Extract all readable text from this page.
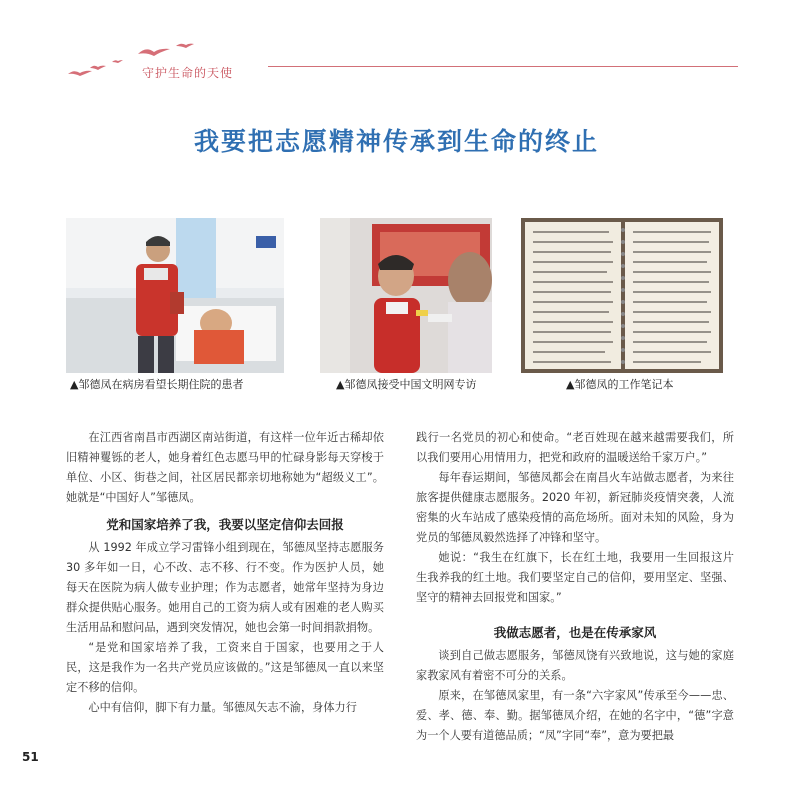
守护生命的天使
我要把志愿精神传承到生命的终止
▲邹德凤在病房看望长期住院的患者	▲邹德凤接受中国文明网专访	▲邹德凤的工作笔记本

在江西省南昌市西湖区南站街道，有这样一位年近古稀却依旧精神矍铄的老人，她身着红色志愿马甲的忙碌身影每天穿梭于单位、小区、街巷之间，社区居民都亲切地称她为“超级义工”。她就是“中国好人”邹德凤。

党和国家培养了我，我要以坚定信仰去回报

从 1992 年成立学习雷锋小组到现在，邹德凤坚持志愿服务 30 多年如一日，心不改、志不移、行不变。作为医护人员，她每天在医院为病人做专业护理；作为志愿者，她常年坚持为身边群众提供贴心服务。她用自己的工资为病人或有困难的老人购买生活用品和慰问品，遇到突发情况，她也会第一时间捐款捐物。

“是党和国家培养了我，工资来自于国家，也要用之于人民，这是我作为一名共产党员应该做的。”这是邹德凤一直以来坚定不移的信仰。

心中有信仰，脚下有力量。邹德凤矢志不渝，身体力行

践行一名党员的初心和使命。“老百姓现在越来越需要我们，所以我们要用心用情用力，把党和政府的温暖送给千家万户。”

每年春运期间，邹德凤都会在南昌火车站做志愿者，为来往旅客提供健康志愿服务。2020 年初，新冠肺炎疫情突袭，人流密集的火车站成了感染疫情的高危场所。面对未知的风险，身为党员的邹德凤毅然选择了冲锋和坚守。

她说：“我生在红旗下，长在红土地，我要用一生回报这片生我养我的红土地。我们要坚定自己的信仰，要用坚定、坚强、坚守的精神去回报党和国家。”

我做志愿者，也是在传承家风

谈到自己做志愿服务，邹德凤饶有兴致地说，这与她的家庭家教家风有着密不可分的关系。

原来，在邹德凤家里，有一条“六字家风”传承至今——忠、爱、孝、德、奉、勤。据邹德凤介绍，在她的名字中，“德”字意为一个人要有道德品质；“凤”字同“奉”，意为要把最

51
